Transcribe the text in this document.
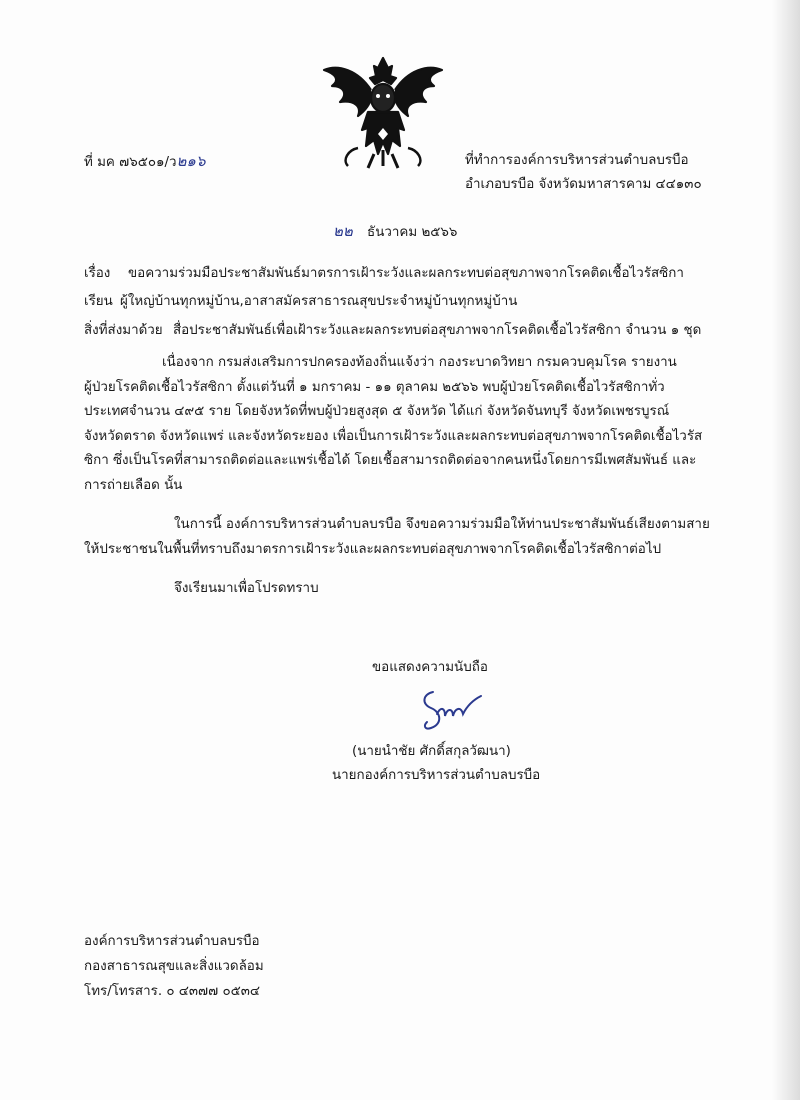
ที่ มค ๗๖๕๐๑/ว๒๑๖	ที่ทำการองค์การบริหารส่วนตำบลบรบือ
อำเภอบรบือ จังหวัดมหาสารคาม ๔๔๑๓๐
๒๒ ธันวาคม ๒๕๖๖
เรื่อง ขอความร่วมมือประชาสัมพันธ์มาตรการเฝ้าระวังและผลกระทบต่อสุขภาพจากโรคติดเชื้อไวรัสซิกา
เรียน ผู้ใหญ่บ้านทุกหมู่บ้าน,อาสาสมัครสาธารณสุขประจำหมู่บ้านทุกหมู่บ้าน
สิ่งที่ส่งมาด้วย สื่อประชาสัมพันธ์เพื่อเฝ้าระวังและผลกระทบต่อสุขภาพจากโรคติดเชื้อไวรัสซิกา จำนวน ๑ ชุด
เนื่องจาก กรมส่งเสริมการปกครองท้องถิ่นแจ้งว่า กองระบาดวิทยา กรมควบคุมโรค รายงาน
ผู้ป่วยโรคติดเชื้อไวรัสซิกา ตั้งแต่วันที่ ๑ มกราคม - ๑๑ ตุลาคม ๒๕๖๖ พบผู้ป่วยโรคติดเชื้อไวรัสซิกาทั่ว
ประเทศจำนวน ๔๙๕ ราย โดยจังหวัดที่พบผู้ป่วยสูงสุด ๕ จังหวัด ได้แก่ จังหวัดจันทบุรี จังหวัดเพชรบูรณ์
จังหวัดตราด จังหวัดแพร่ และจังหวัดระยอง เพื่อเป็นการเฝ้าระวังและผลกระทบต่อสุขภาพจากโรคติดเชื้อไวรัส
ซิกา ซึ่งเป็นโรคที่สามารถติดต่อและแพร่เชื้อได้ โดยเชื้อสามารถติดต่อจากคนหนึ่งโดยการมีเพศสัมพันธ์ และ
การถ่ายเลือด นั้น
ในการนี้ องค์การบริหารส่วนตำบลบรบือ จึงขอความร่วมมือให้ท่านประชาสัมพันธ์เสียงตามสาย
ให้ประชาชนในพื้นที่ทราบถึงมาตรการเฝ้าระวังและผลกระทบต่อสุขภาพจากโรคติดเชื้อไวรัสซิกาต่อไป
จึงเรียนมาเพื่อโปรดทราบ
ขอแสดงความนับถือ
(นายนำชัย ศักดิ์สกุลวัฒนา)
นายกองค์การบริหารส่วนตำบลบรบือ
องค์การบริหารส่วนตำบลบรบือ
กองสาธารณสุขและสิ่งแวดล้อม
โทร/โทรสาร. ๐ ๔๓๗๗ ๐๕๓๔
